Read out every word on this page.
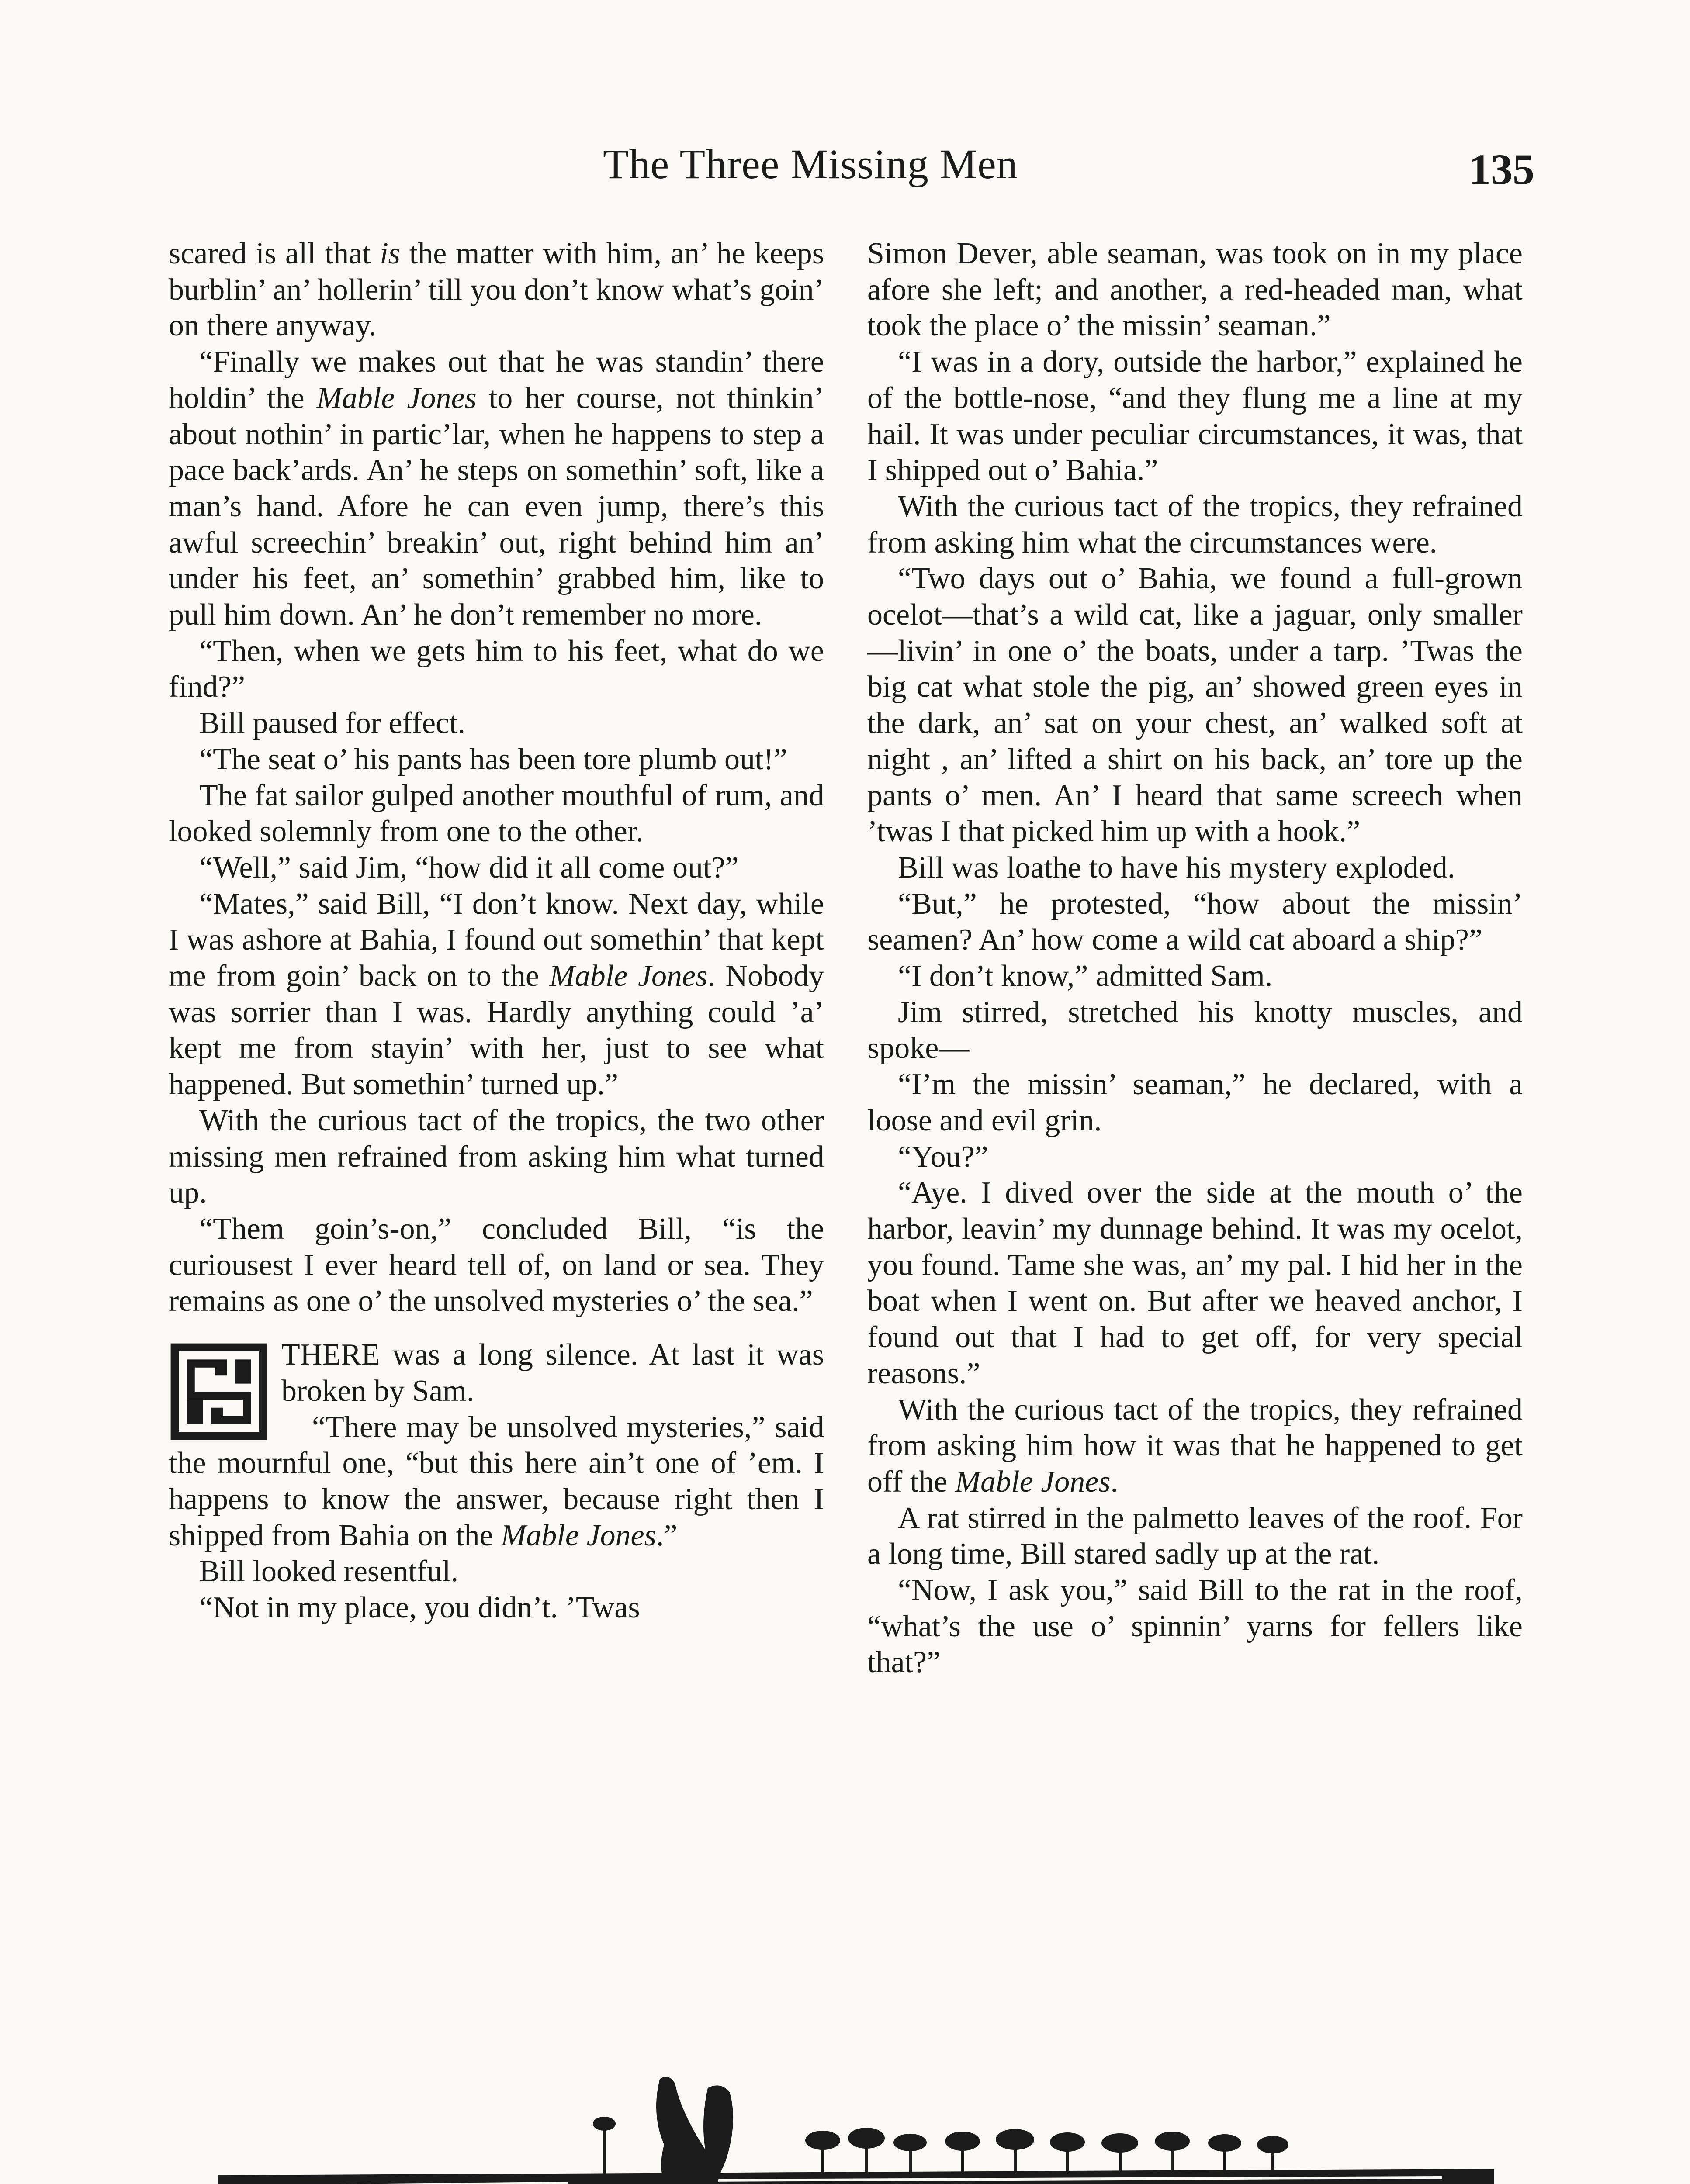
The Three Missing Men	135

scared is all that is the matter with him, an’ he keeps burblin’ an’ hollerin’ till you don’t know what’s goin’ on there anyway.

“Finally we makes out that he was standin’ there holdin’ the Mable Jones to her course, not thinkin’ about nothin’ in partic’lar, when he happens to step a pace back’ards. An’ he steps on somethin’ soft, like a man’s hand. Afore he can even jump, there’s this awful screechin’ breakin’ out, right behind him an’ under his feet, an’ somethin’ grabbed him, like to pull him down. An’ he don’t remember no more.

“Then, when we gets him to his feet, what do we find?”

Bill paused for effect.

“The seat o’ his pants has been tore plumb out!”

The fat sailor gulped another mouthful of rum, and looked solemnly from one to the other.

“Well,” said Jim, “how did it all come out?”

“Mates,” said Bill, “I don’t know. Next day, while I was ashore at Bahia, I found out somethin’ that kept me from goin’ back on to the Mable Jones. Nobody was sorrier than I was. Hardly anything could ’a’ kept me from stayin’ with her, just to see what happened. But somethin’ turned up.”

With the curious tact of the tropics, the two other missing men refrained from asking him what turned up.

“Them goin’s-on,” concluded Bill, “is the curiousest I ever heard tell of, on land or sea. They remains as one o’ the unsolved mysteries o’ the sea.”

THERE was a long silence. At last it was broken by Sam.

“There may be unsolved mysteries,” said the mournful one, “but this here ain’t one of ’em. I happens to know the answer, because right then I shipped from Bahia on the Mable Jones.”

Bill looked resentful.

“Not in my place, you didn’t. ’Twas

Simon Dever, able seaman, was took on in my place afore she left; and another, a red-headed man, what took the place o’ the missin’ seaman.”

“I was in a dory, outside the harbor,” explained he of the bottle-nose, “and they flung me a line at my hail. It was under peculiar circumstances, it was, that I shipped out o’ Bahia.”

With the curious tact of the tropics, they refrained from asking him what the circumstances were.

“Two days out o’ Bahia, we found a full-grown ocelot—that’s a wild cat, like a jaguar, only smaller—livin’ in one o’ the boats, under a tarp. ’Twas the big cat what stole the pig, an’ showed green eyes in the dark, an’ sat on your chest, an’ walked soft at night , an’ lifted a shirt on his back, an’ tore up the pants o’ men. An’ I heard that same screech when ’twas I that picked him up with a hook.”

Bill was loathe to have his mystery exploded.

“But,” he protested, “how about the missin’ seamen? An’ how come a wild cat aboard a ship?”

“I don’t know,” admitted Sam.

Jim stirred, stretched his knotty muscles, and spoke—

“I’m the missin’ seaman,” he declared, with a loose and evil grin.

“You?”

“Aye. I dived over the side at the mouth o’ the harbor, leavin’ my dunnage behind. It was my ocelot, you found. Tame she was, an’ my pal. I hid her in the boat when I went on. But after we heaved anchor, I found out that I had to get off, for very special reasons.”

With the curious tact of the tropics, they refrained from asking him how it was that he happened to get off the Mable Jones.

A rat stirred in the palmetto leaves of the roof. For a long time, Bill stared sadly up at the rat.

“Now, I ask you,” said Bill to the rat in the roof, “what’s the use o’ spinnin’ yarns for fellers like that?”
